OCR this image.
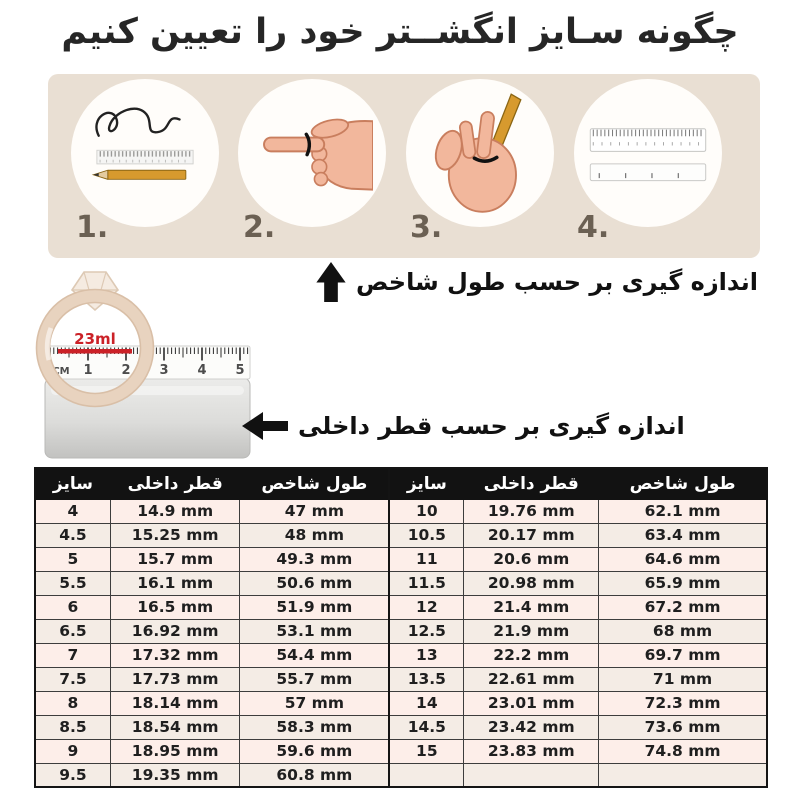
چگونه سـایز انگشــتر خود را تعیین کنیم
1.	2.	3.	4.
اندازه گیری بر حسب طول شاخص
CM 1 2 3 4 5
23ml
اندازه گیری بر حسب قطر داخلی
سایز	قطر داخلی	طول شاخص	سایز	قطر داخلی	طول شاخص
4	14.9 mm	47 mm	10	19.76 mm	62.1 mm
4.5	15.25 mm	48 mm	10.5	20.17 mm	63.4 mm
5	15.7 mm	49.3 mm	11	20.6 mm	64.6 mm
5.5	16.1 mm	50.6 mm	11.5	20.98 mm	65.9 mm
6	16.5 mm	51.9 mm	12	21.4 mm	67.2 mm
6.5	16.92 mm	53.1 mm	12.5	21.9 mm	68 mm
7	17.32 mm	54.4 mm	13	22.2 mm	69.7 mm
7.5	17.73 mm	55.7 mm	13.5	22.61 mm	71 mm
8	18.14 mm	57 mm	14	23.01 mm	72.3 mm
8.5	18.54 mm	58.3 mm	14.5	23.42 mm	73.6 mm
9	18.95 mm	59.6 mm	15	23.83 mm	74.8 mm
9.5	19.35 mm	60.8 mm			
